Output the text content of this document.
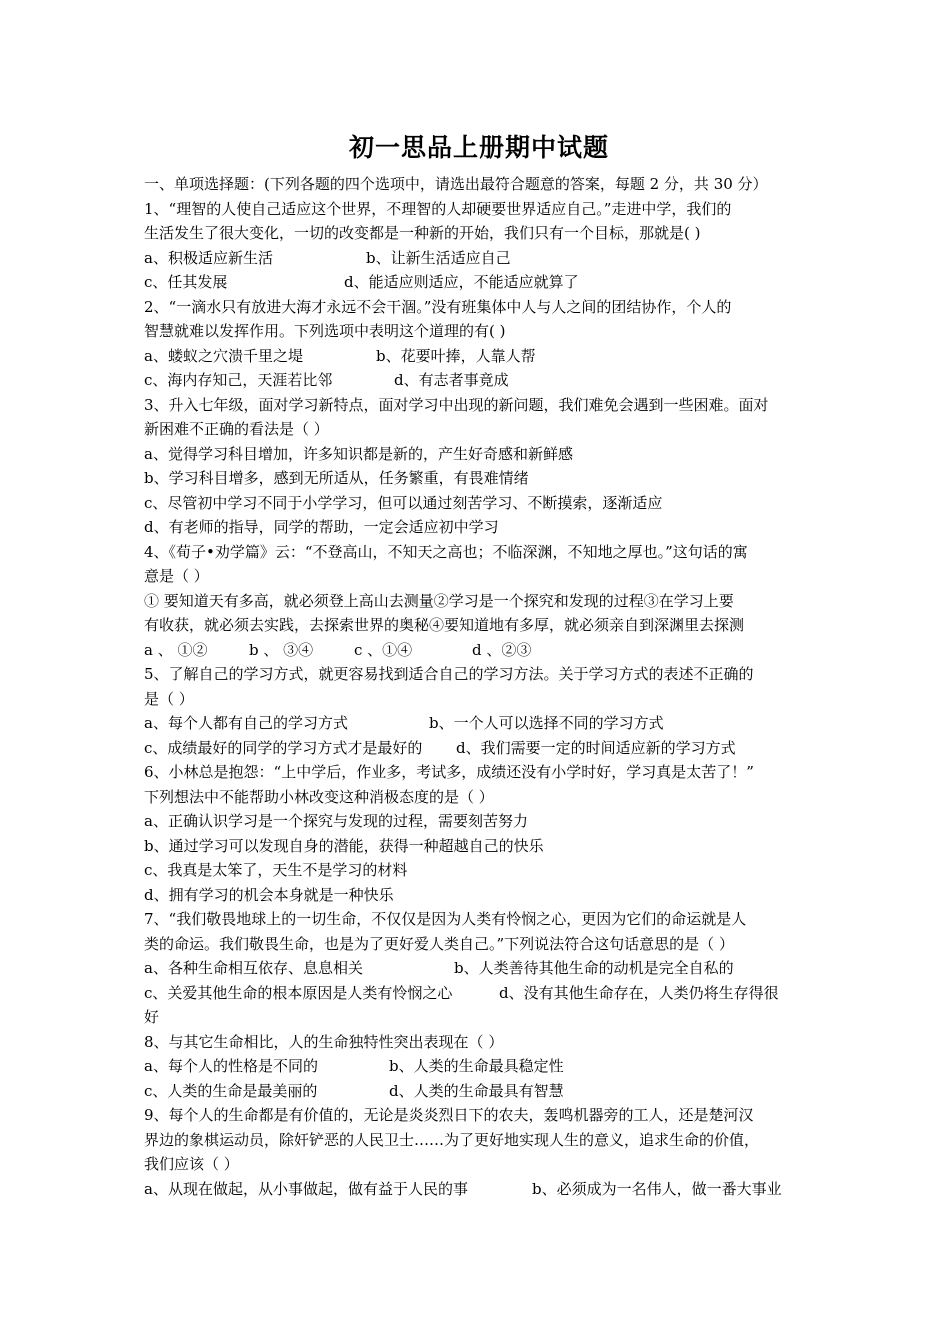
初一思品上册期中试题
一、单项选择题：(下列各题的四个选项中，请选出最符合题意的答案，每题 2 分，共 30 分）
1、“理智的人使自己适应这个世界，不理智的人却硬要世界适应自己。”走进中学，我们的
生活发生了很大变化，一切的改变都是一种新的开始，我们只有一个目标，那就是( )
a、积极适应新生活	b、让新生活适应自己
c、任其发展	d、能适应则适应，不能适应就算了
2、“一滴水只有放进大海才永远不会干涸。”没有班集体中人与人之间的团结协作，个人的
智慧就难以发挥作用。下列选项中表明这个道理的有( )
a、蝼蚁之穴溃千里之堤	b、花要叶捧，人靠人帮
c、海内存知己，天涯若比邻	d、有志者事竟成
3、升入七年级，面对学习新特点，面对学习中出现的新问题，我们难免会遇到一些困难。面对
新困难不正确的看法是（ ）
a、觉得学习科目增加，许多知识都是新的，产生好奇感和新鲜感
b、学习科目增多，感到无所适从，任务繁重，有畏难情绪
c、尽管初中学习不同于小学学习，但可以通过刻苦学习、不断摸索，逐渐适应
d、有老师的指导，同学的帮助，一定会适应初中学习
4、《荀子•劝学篇》云：“不登高山，不知天之高也；不临深渊，不知地之厚也。”这句话的寓
意是（ ）
① 要知道天有多高，就必须登上高山去测量②学习是一个探究和发现的过程③在学习上要
有收获，就必须去实践，去探索世界的奥秘④要知道地有多厚，就必须亲自到深渊里去探测
a 、 ①②	b 、 ③④	c 、①④	d 、②③
5、了解自己的学习方式，就更容易找到适合自己的学习方法。关于学习方式的表述不正确的
是（ ）
a、每个人都有自己的学习方式	b、一个人可以选择不同的学习方式
c、成绩最好的同学的学习方式才是最好的	d、我们需要一定的时间适应新的学习方式
6、小林总是抱怨：“上中学后，作业多，考试多，成绩还没有小学时好，学习真是太苦了！”
下列想法中不能帮助小林改变这种消极态度的是（ ）
a、正确认识学习是一个探究与发现的过程，需要刻苦努力
b、通过学习可以发现自身的潜能，获得一种超越自己的快乐
c、我真是太笨了，天生不是学习的材料
d、拥有学习的机会本身就是一种快乐
7、“我们敬畏地球上的一切生命，不仅仅是因为人类有怜悯之心，更因为它们的命运就是人
类的命运。我们敬畏生命，也是为了更好爱人类自己。”下列说法符合这句话意思的是（ ）
a、各种生命相互依存、息息相关	b、人类善待其他生命的动机是完全自私的
c、关爱其他生命的根本原因是人类有怜悯之心	d、没有其他生命存在，人类仍将生存得很
好
8、与其它生命相比，人的生命独特性突出表现在（ ）
a、每个人的性格是不同的	b、人类的生命最具稳定性
c、人类的生命是最美丽的	d、人类的生命最具有智慧
9、每个人的生命都是有价值的，无论是炎炎烈日下的农夫，轰鸣机器旁的工人，还是楚河汉
界边的象棋运动员，除奸铲恶的人民卫士……为了更好地实现人生的意义，追求生命的价值，
我们应该（ ）
a、从现在做起，从小事做起，做有益于人民的事	b、必须成为一名伟人，做一番大事业
